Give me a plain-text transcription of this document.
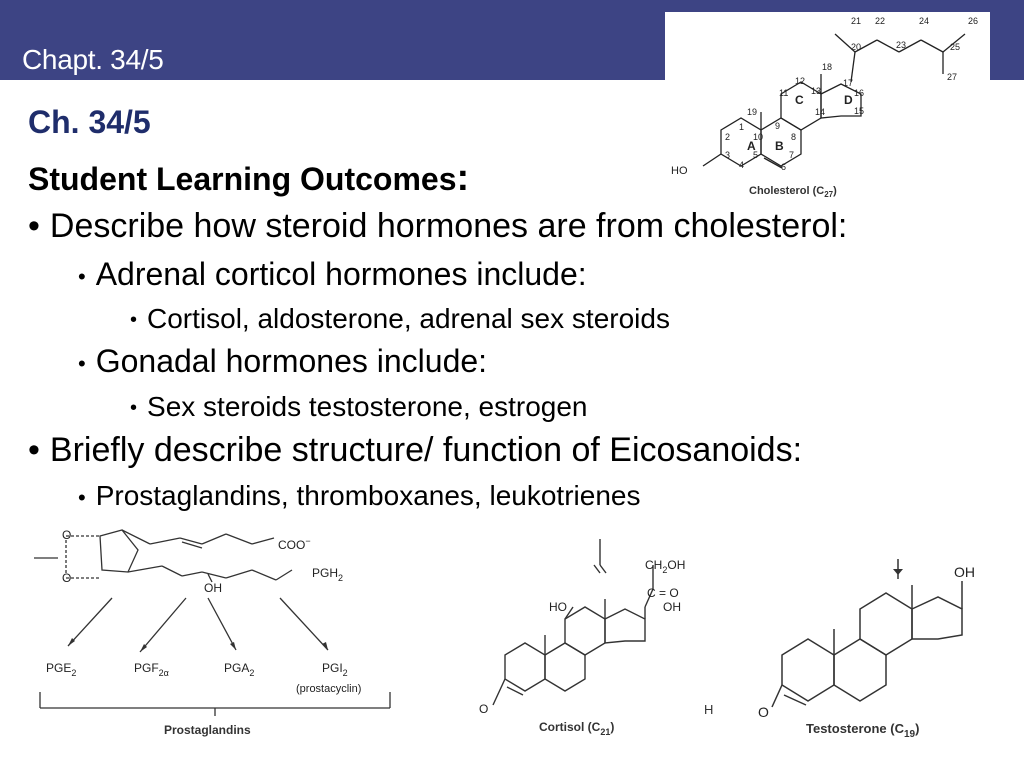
Chapt. 34/5
21 22	24	26
20	23	25
27
18
17
12
11	13	16
15
14
19
9
10	8
7
6
1
2
3
4
5
C	D
A B
HO
Cholesterol $(C_{27})$
Ch. 34/5
Student Learning Outcomes:
• Describe how steroid hormones are from cholesterol:
• Adrenal corticol hormones include:
• Cortisol, aldosterone, adrenal sex steroids
• Gonadal hormones include:
• Sex steroids testosterone, estrogen
• Briefly describe structure/ function of Eicosanoids:
• Prostaglandins, thromboxanes, leukotrienes
O
O
COO−
OH
$PGH_2$
$PGE_2$	$PGF_{2\alpha}$	$PGA_2$	$PGI_2$
(prostacyclin)
Prostaglandins
$CH_2OH$
C = O
HO	OH
O
Cortisol $(C_{21})$
H
OH
O
Testosterone $(C_{19})$
